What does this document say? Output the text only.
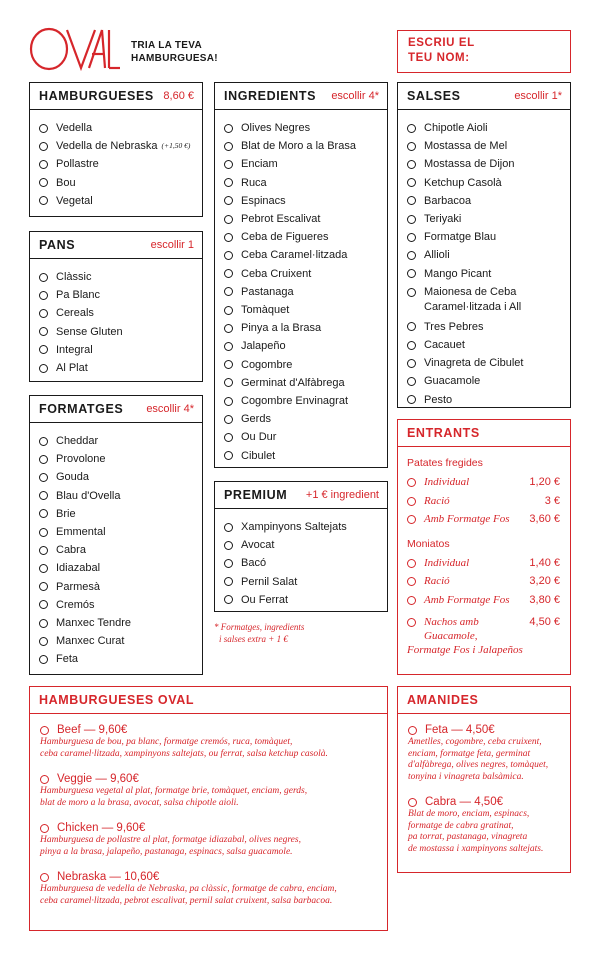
TRIA LA TEVA
HAMBURGUESA!
ESCRIU EL
TEU NOM:
HAMBURGUESES 8,60 €
Vedella
Vedella de Nebraska (+1,50 €)
Pollastre
Bou
Vegetal
PANS	escollir 1
Clàssic
Pa Blanc
Cereals
Sense Gluten
Integral
Al Plat
FORMATGES escollir 4*
Cheddar
Provolone
Gouda
Blau d'Ovella
Brie
Emmental
Cabra
Idiazabal
Parmesà
Cremós
Manxec Tendre
Manxec Curat
Feta
INGREDIENTS escollir 4*
Olives Negres
Blat de Moro a la Brasa
Enciam
Ruca
Espinacs
Pebrot Escalivat
Ceba de Figueres
Ceba Caramel·litzada
Ceba Cruixent
Pastanaga
Tomàquet
Pinya a la Brasa
Jalapeño
Cogombre
Germinat d'Alfàbrega
Cogombre Envinagrat
Gerds
Ou Dur
Cibulet
PREMIUM +1 € ingredient
Xampinyons Saltejats
Avocat
Bacó
Pernil Salat
Ou Ferrat
* Formatges, ingredients
i salses extra + 1 €
SALSES	escollir 1*
Chipotle Aioli
Mostassa de Mel
Mostassa de Dijon
Ketchup Casolà
Barbacoa
Teriyaki
Formatge Blau
Allioli
Mango Picant
Maionesa de Ceba
Caramel·litzada i All
Tres Pebres
Cacauet
Vinagreta de Cibulet
Guacamole
Pesto
ENTRANTS
Patates fregides
Individual	1,20 €
Ració	3 €
Amb Formatge Fos 3,60 €
Moniatos
Individual	1,40 €
Ració	3,20 €
Amb Formatge Fos 3,80 €
Nachos amb
Guacamole,
Formatge Fos i Jalapeños
4,50 €
HAMBURGUESES OVAL
Beef — 9,60€
Hamburguesa de bou, pa blanc, formatge cremós, ruca, tomàquet,
ceba caramel·litzada, xampinyons saltejats, ou ferrat, salsa ketchup casolà.
Veggie — 9,60€
Hamburguesa vegetal al plat, formatge brie, tomàquet, enciam, gerds,
blat de moro a la brasa, avocat, salsa chipotle aioli.
Chicken — 9,60€
Hamburguesa de pollastre al plat, formatge idiazabal, olives negres,
pinya a la brasa, jalapeño, pastanaga, espinacs, salsa guacamole.
Nebraska — 10,60€
Hamburguesa de vedella de Nebraska, pa clàssic, formatge de cabra, enciam,
ceba caramel·litzada, pebrot escalivat, pernil salat cruixent, salsa barbacoa.
AMANIDES
Feta — 4,50€
Ametlles, cogombre, ceba cruixent,
enciam, formatge feta, germinat
d'alfàbrega, olives negres, tomàquet,
tonyina i vinagreta balsàmica.
Cabra — 4,50€
Blat de moro, enciam, espinacs,
formatge de cabra gratinat,
pa torrat, pastanaga, vinagreta
de mostassa i xampinyons saltejats.
